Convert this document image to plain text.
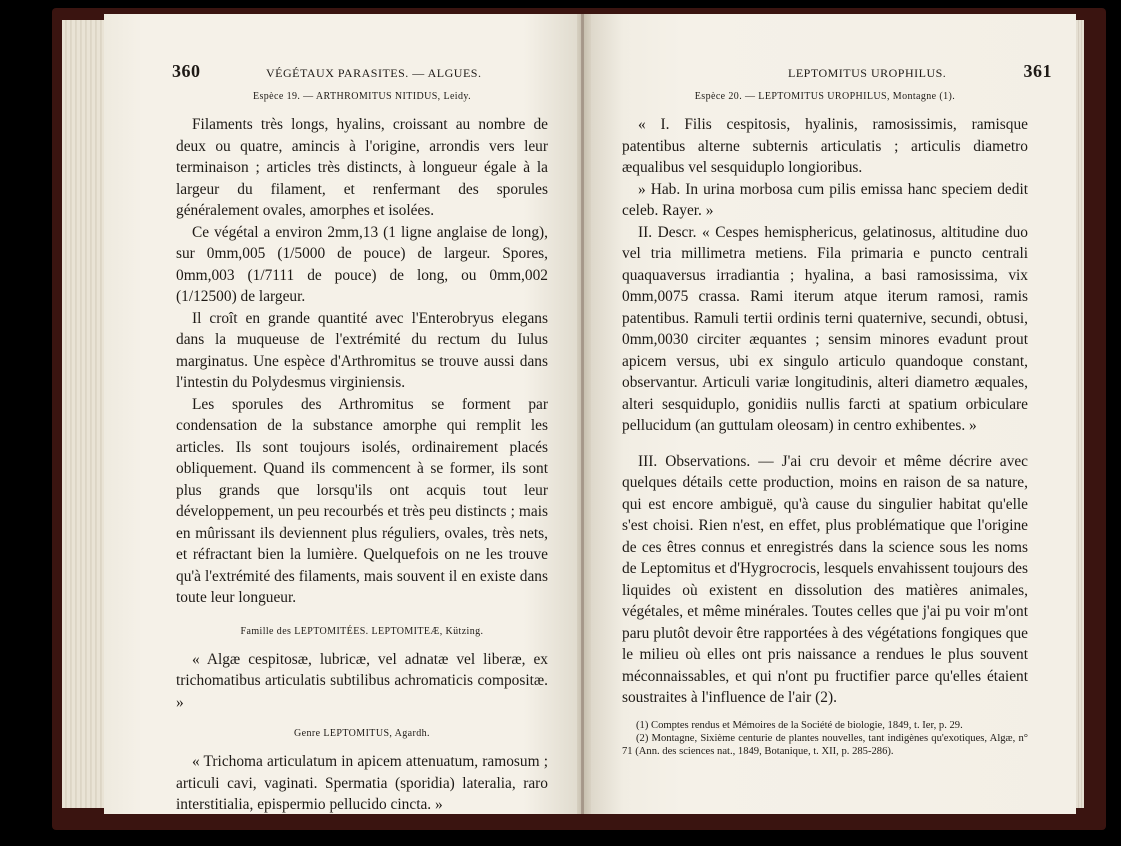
360	VÉGÉTAUX PARASITES. — ALGUES.

Espèce 19. — ARTHROMITUS NITIDUS, Leidy.

Filaments très longs, hyalins, croissant au nombre de deux ou quatre, amincis à l'origine, arrondis vers leur terminaison ; articles très distincts, à longueur égale à la largeur du filament, et renfermant des sporules généralement ovales, amorphes et isolées.

Ce végétal a environ 2mm,13 (1 ligne anglaise de long), sur 0mm,005 (1/5000 de pouce) de largeur. Spores, 0mm,003 (1/7111 de pouce) de long, ou 0mm,002 (1/12500) de largeur.

Il croît en grande quantité avec l'Enterobryus elegans dans la muqueuse de l'extrémité du rectum du Iulus marginatus. Une espèce d'Arthromitus se trouve aussi dans l'intestin du Polydesmus virginiensis.

Les sporules des Arthromitus se forment par condensation de la substance amorphe qui remplit les articles. Ils sont toujours isolés, ordinairement placés obliquement. Quand ils commencent à se former, ils sont plus grands que lorsqu'ils ont acquis tout leur développement, un peu recourbés et très peu distincts ; mais en mûrissant ils deviennent plus réguliers, ovales, très nets, et réfractant bien la lumière. Quelquefois on ne les trouve qu'à l'extrémité des filaments, mais souvent il en existe dans toute leur longueur.

Famille des LEPTOMITÉES. LEPTOMITEÆ, Kützing.

« Algæ cespitosæ, lubricæ, vel adnatæ vel liberæ, ex trichomatibus articulatis subtilibus achromaticis compositæ. »

Genre LEPTOMITUS, Agardh.

« Trichoma articulatum in apicem attenuatum, ramosum ; articuli cavi, vaginati. Spermatia (sporidia) lateralia, raro interstitialia, epispermio pellucido cincta. »

LEPTOMITUS UROPHILUS.	361

Espèce 20. — LEPTOMITUS UROPHILUS, Montagne (1).

« I. Filis cespitosis, hyalinis, ramosissimis, ramisque patentibus alterne subternis articulatis ; articulis diametro æqualibus vel sesquiduplo longioribus.

» Hab. In urina morbosa cum pilis emissa hanc speciem dedit celeb. Rayer. »

II. Descr. « Cespes hemisphericus, gelatinosus, altitudine duo vel tria millimetra metiens. Fila primaria e puncto centrali quaquaversus irradiantia ; hyalina, a basi ramosissima, vix 0mm,0075 crassa. Rami iterum atque iterum ramosi, ramis patentibus. Ramuli tertii ordinis terni quaternive, secundi, obtusi, 0mm,0030 circiter æquantes ; sensim minores evadunt prout apicem versus, ubi ex singulo articulo quandoque constant, observantur. Articuli variæ longitudinis, alteri diametro æquales, alteri sesquiduplo, gonidiis nullis farcti at spatium orbiculare pellucidum (an guttulam oleosam) in centro exhibentes. »

III. Observations. — J'ai cru devoir et même décrire avec quelques détails cette production, moins en raison de sa nature, qui est encore ambiguë, qu'à cause du singulier habitat qu'elle s'est choisi. Rien n'est, en effet, plus problématique que l'origine de ces êtres connus et enregistrés dans la science sous les noms de Leptomitus et d'Hygrocrocis, lesquels envahissent toujours des liquides où existent en dissolution des matières animales, végétales, et même minérales. Toutes celles que j'ai pu voir m'ont paru plutôt devoir être rapportées à des végétations fongiques que le milieu où elles ont pris naissance a rendues le plus souvent méconnaissables, et qui n'ont pu fructifier parce qu'elles étaient soustraites à l'influence de l'air (2).

(1) Comptes rendus et Mémoires de la Société de biologie, 1849, t. Ier, p. 29.

(2) Montagne, Sixième centurie de plantes nouvelles, tant indigènes qu'exotiques, Algæ, n° 71 (Ann. des sciences nat., 1849, Botanique, t. XII, p. 285-286).
